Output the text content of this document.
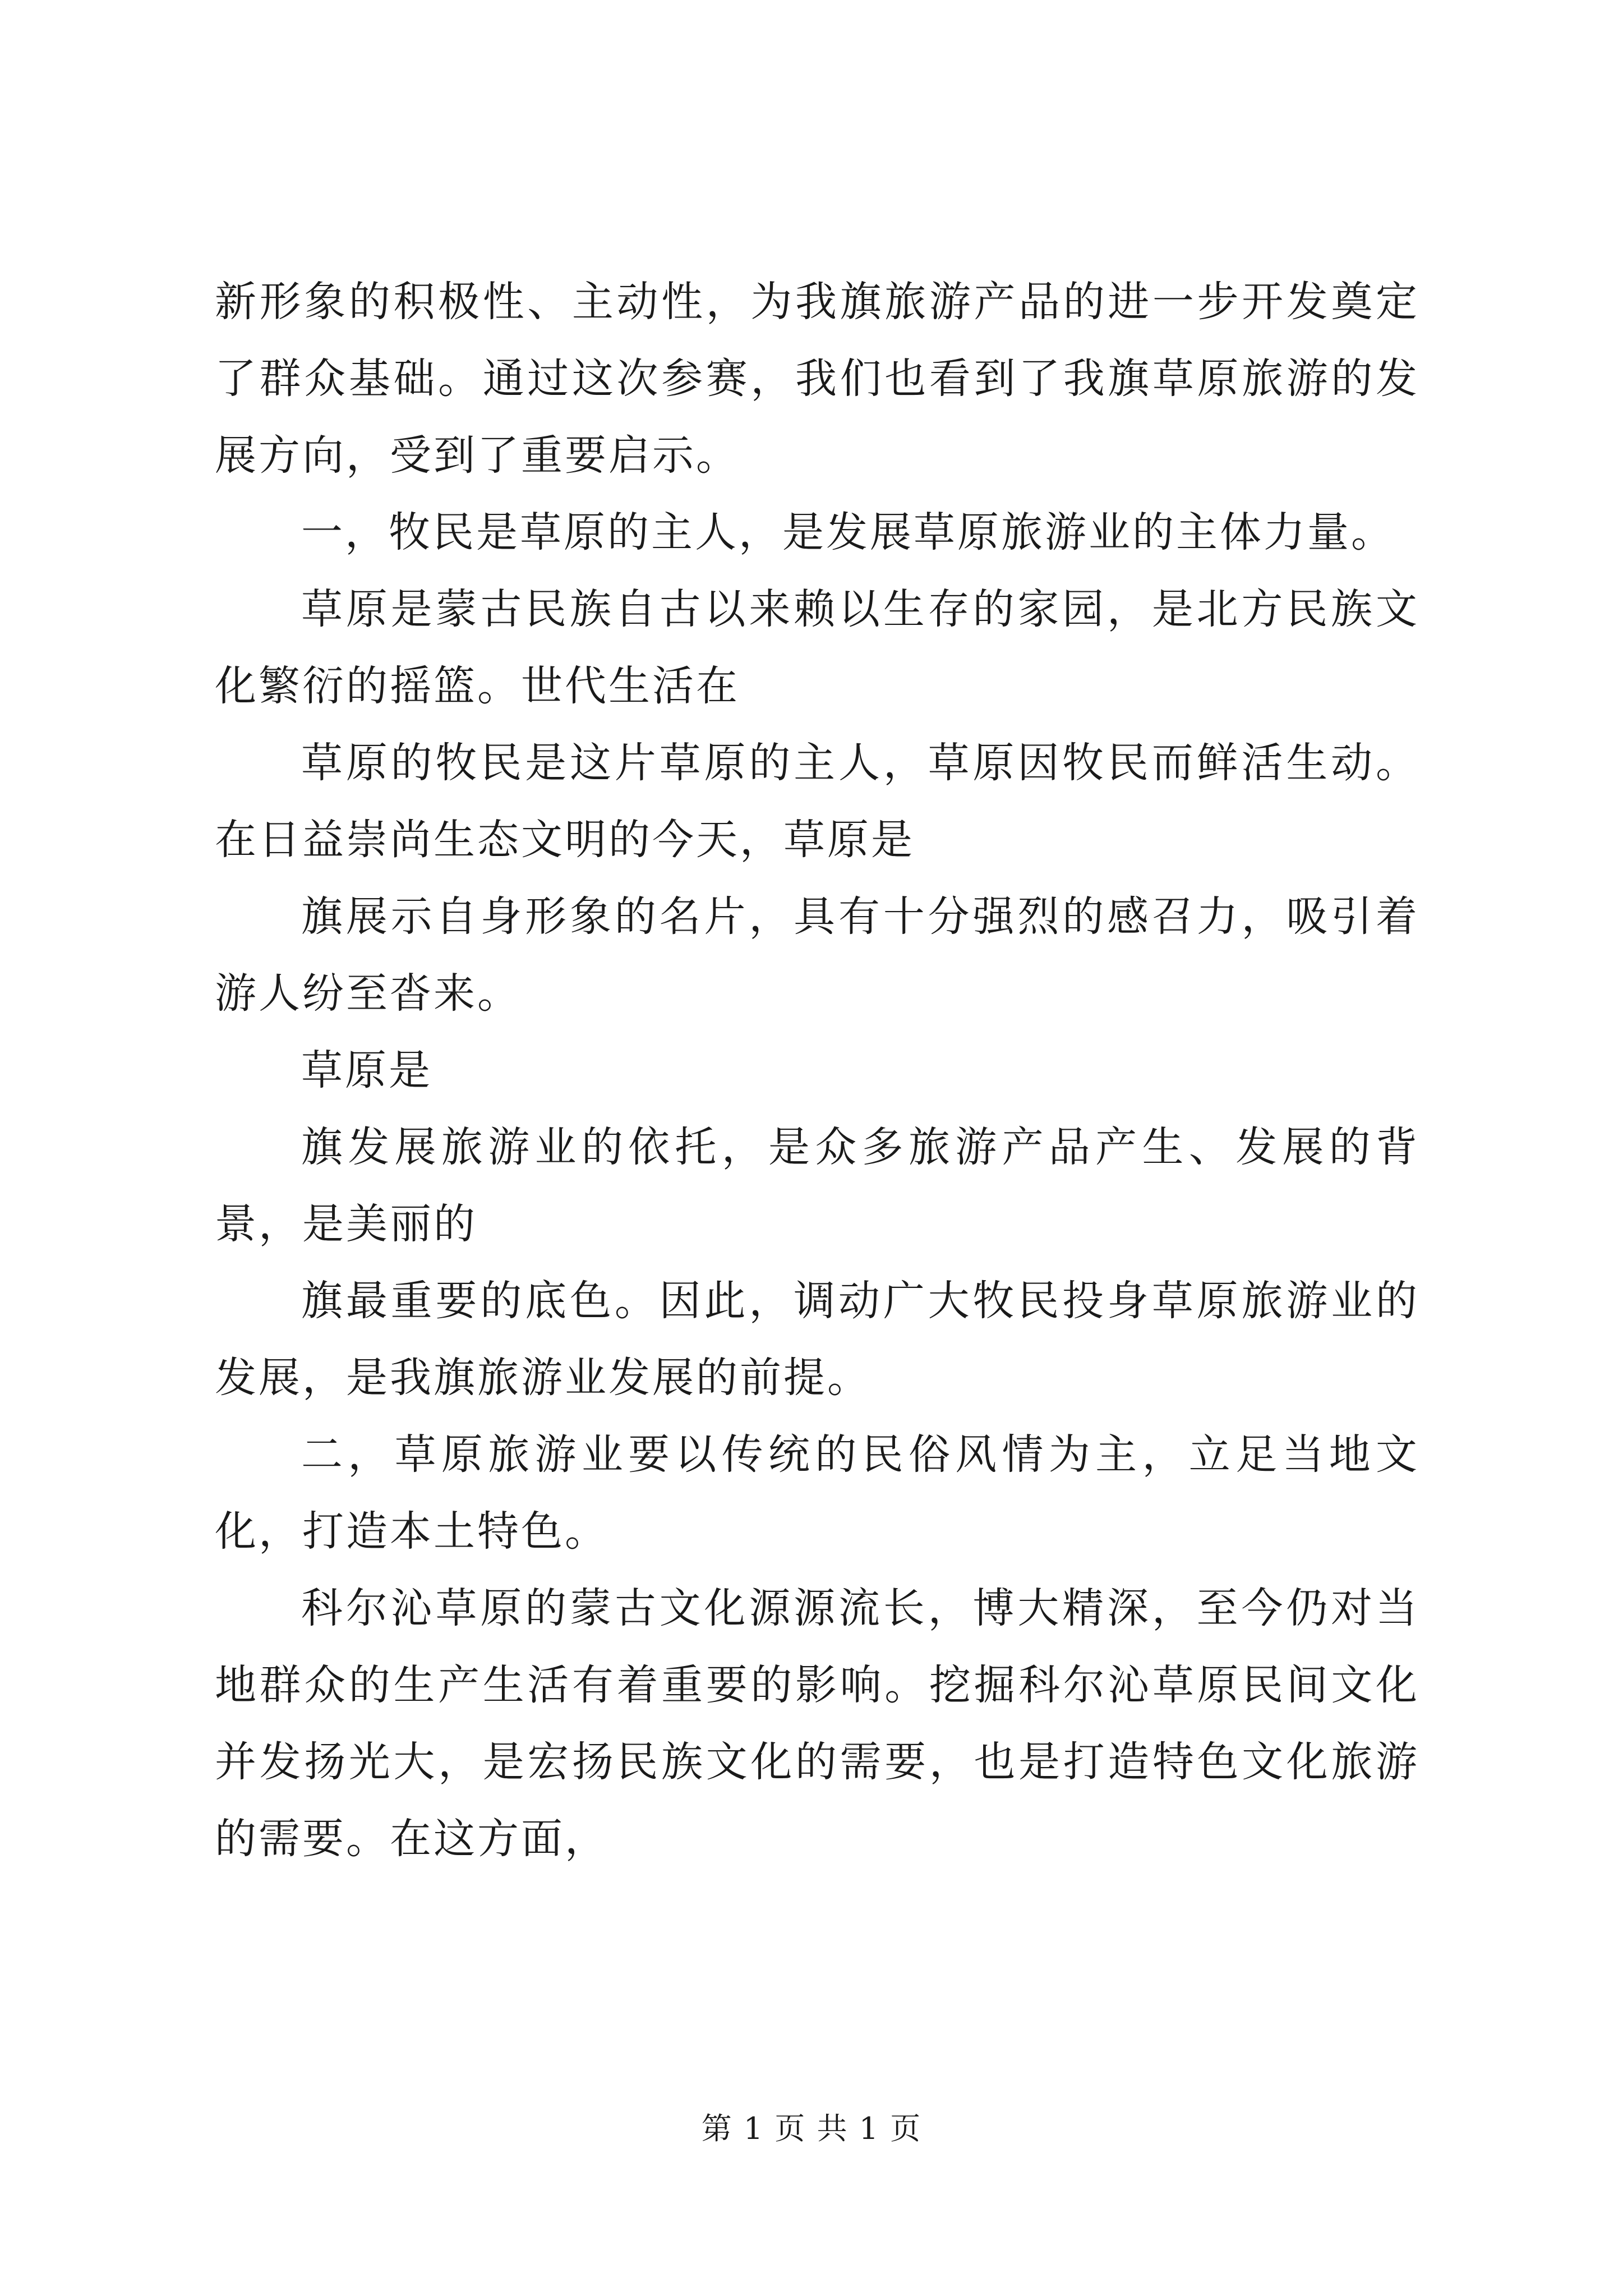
新形象的积极性、主动性，为我旗旅游产品的进一步开发奠定了群众基础。通过这次参赛，我们也看到了我旗草原旅游的发展方向，受到了重要启示。

一，牧民是草原的主人，是发展草原旅游业的主体力量。

草原是蒙古民族自古以来赖以生存的家园，是北方民族文化繁衍的摇篮。世代生活在

草原的牧民是这片草原的主人，草原因牧民而鲜活生动。在日益崇尚生态文明的今天，草原是

旗展示自身形象的名片，具有十分强烈的感召力，吸引着游人纷至沓来。

草原是

旗发展旅游业的依托，是众多旅游产品产生、发展的背景，是美丽的

旗最重要的底色。因此，调动广大牧民投身草原旅游业的发展，是我旗旅游业发展的前提。

二，草原旅游业要以传统的民俗风情为主，立足当地文化，打造本土特色。

科尔沁草原的蒙古文化源源流长，博大精深，至今仍对当地群众的生产生活有着重要的影响。挖掘科尔沁草原民间文化并发扬光大，是宏扬民族文化的需要，也是打造特色文化旅游的需要。在这方面，

第 1 页 共 1 页
